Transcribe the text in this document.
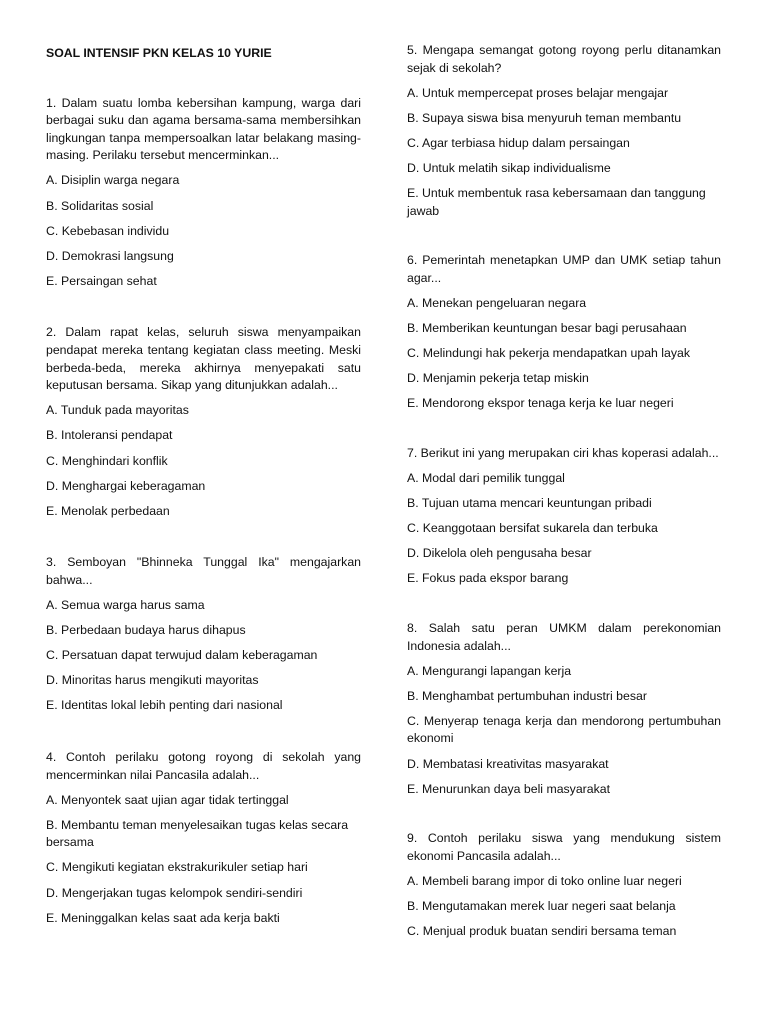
SOAL INTENSIF PKN KELAS 10 YURIE

1. Dalam suatu lomba kebersihan kampung, warga dari berbagai suku dan agama bersama-sama membersihkan lingkungan tanpa mempersoalkan latar belakang masing-masing. Perilaku tersebut mencerminkan...

A. Disiplin warga negara
B. Solidaritas sosial
C. Kebebasan individu
D. Demokrasi langsung
E. Persaingan sehat

2. Dalam rapat kelas, seluruh siswa menyampaikan pendapat mereka tentang kegiatan class meeting. Meski berbeda-beda, mereka akhirnya menyepakati satu keputusan bersama. Sikap yang ditunjukkan adalah...

A. Tunduk pada mayoritas
B. Intoleransi pendapat
C. Menghindari konflik
D. Menghargai keberagaman
E. Menolak perbedaan

3. Semboyan "Bhinneka Tunggal Ika" mengajarkan bahwa...

A. Semua warga harus sama
B. Perbedaan budaya harus dihapus
C. Persatuan dapat terwujud dalam keberagaman
D. Minoritas harus mengikuti mayoritas
E. Identitas lokal lebih penting dari nasional

4. Contoh perilaku gotong royong di sekolah yang mencerminkan nilai Pancasila adalah...

A. Menyontek saat ujian agar tidak tertinggal
B. Membantu teman menyelesaikan tugas kelas secara bersama
C. Mengikuti kegiatan ekstrakurikuler setiap hari
D. Mengerjakan tugas kelompok sendiri-sendiri
E. Meninggalkan kelas saat ada kerja bakti

5. Mengapa semangat gotong royong perlu ditanamkan sejak di sekolah?

A. Untuk mempercepat proses belajar mengajar
B. Supaya siswa bisa menyuruh teman membantu
C. Agar terbiasa hidup dalam persaingan
D. Untuk melatih sikap individualisme
E. Untuk membentuk rasa kebersamaan dan tanggung jawab

6. Pemerintah menetapkan UMP dan UMK setiap tahun agar...

A. Menekan pengeluaran negara
B. Memberikan keuntungan besar bagi perusahaan
C. Melindungi hak pekerja mendapatkan upah layak
D. Menjamin pekerja tetap miskin
E. Mendorong ekspor tenaga kerja ke luar negeri

7. Berikut ini yang merupakan ciri khas koperasi adalah...

A. Modal dari pemilik tunggal
B. Tujuan utama mencari keuntungan pribadi
C. Keanggotaan bersifat sukarela dan terbuka
D. Dikelola oleh pengusaha besar
E. Fokus pada ekspor barang

8. Salah satu peran UMKM dalam perekonomian Indonesia adalah...

A. Mengurangi lapangan kerja
B. Menghambat pertumbuhan industri besar
C. Menyerap tenaga kerja dan mendorong pertumbuhan ekonomi
D. Membatasi kreativitas masyarakat
E. Menurunkan daya beli masyarakat

9. Contoh perilaku siswa yang mendukung sistem ekonomi Pancasila adalah...

A. Membeli barang impor di toko online luar negeri
B. Mengutamakan merek luar negeri saat belanja
C. Menjual produk buatan sendiri bersama teman
